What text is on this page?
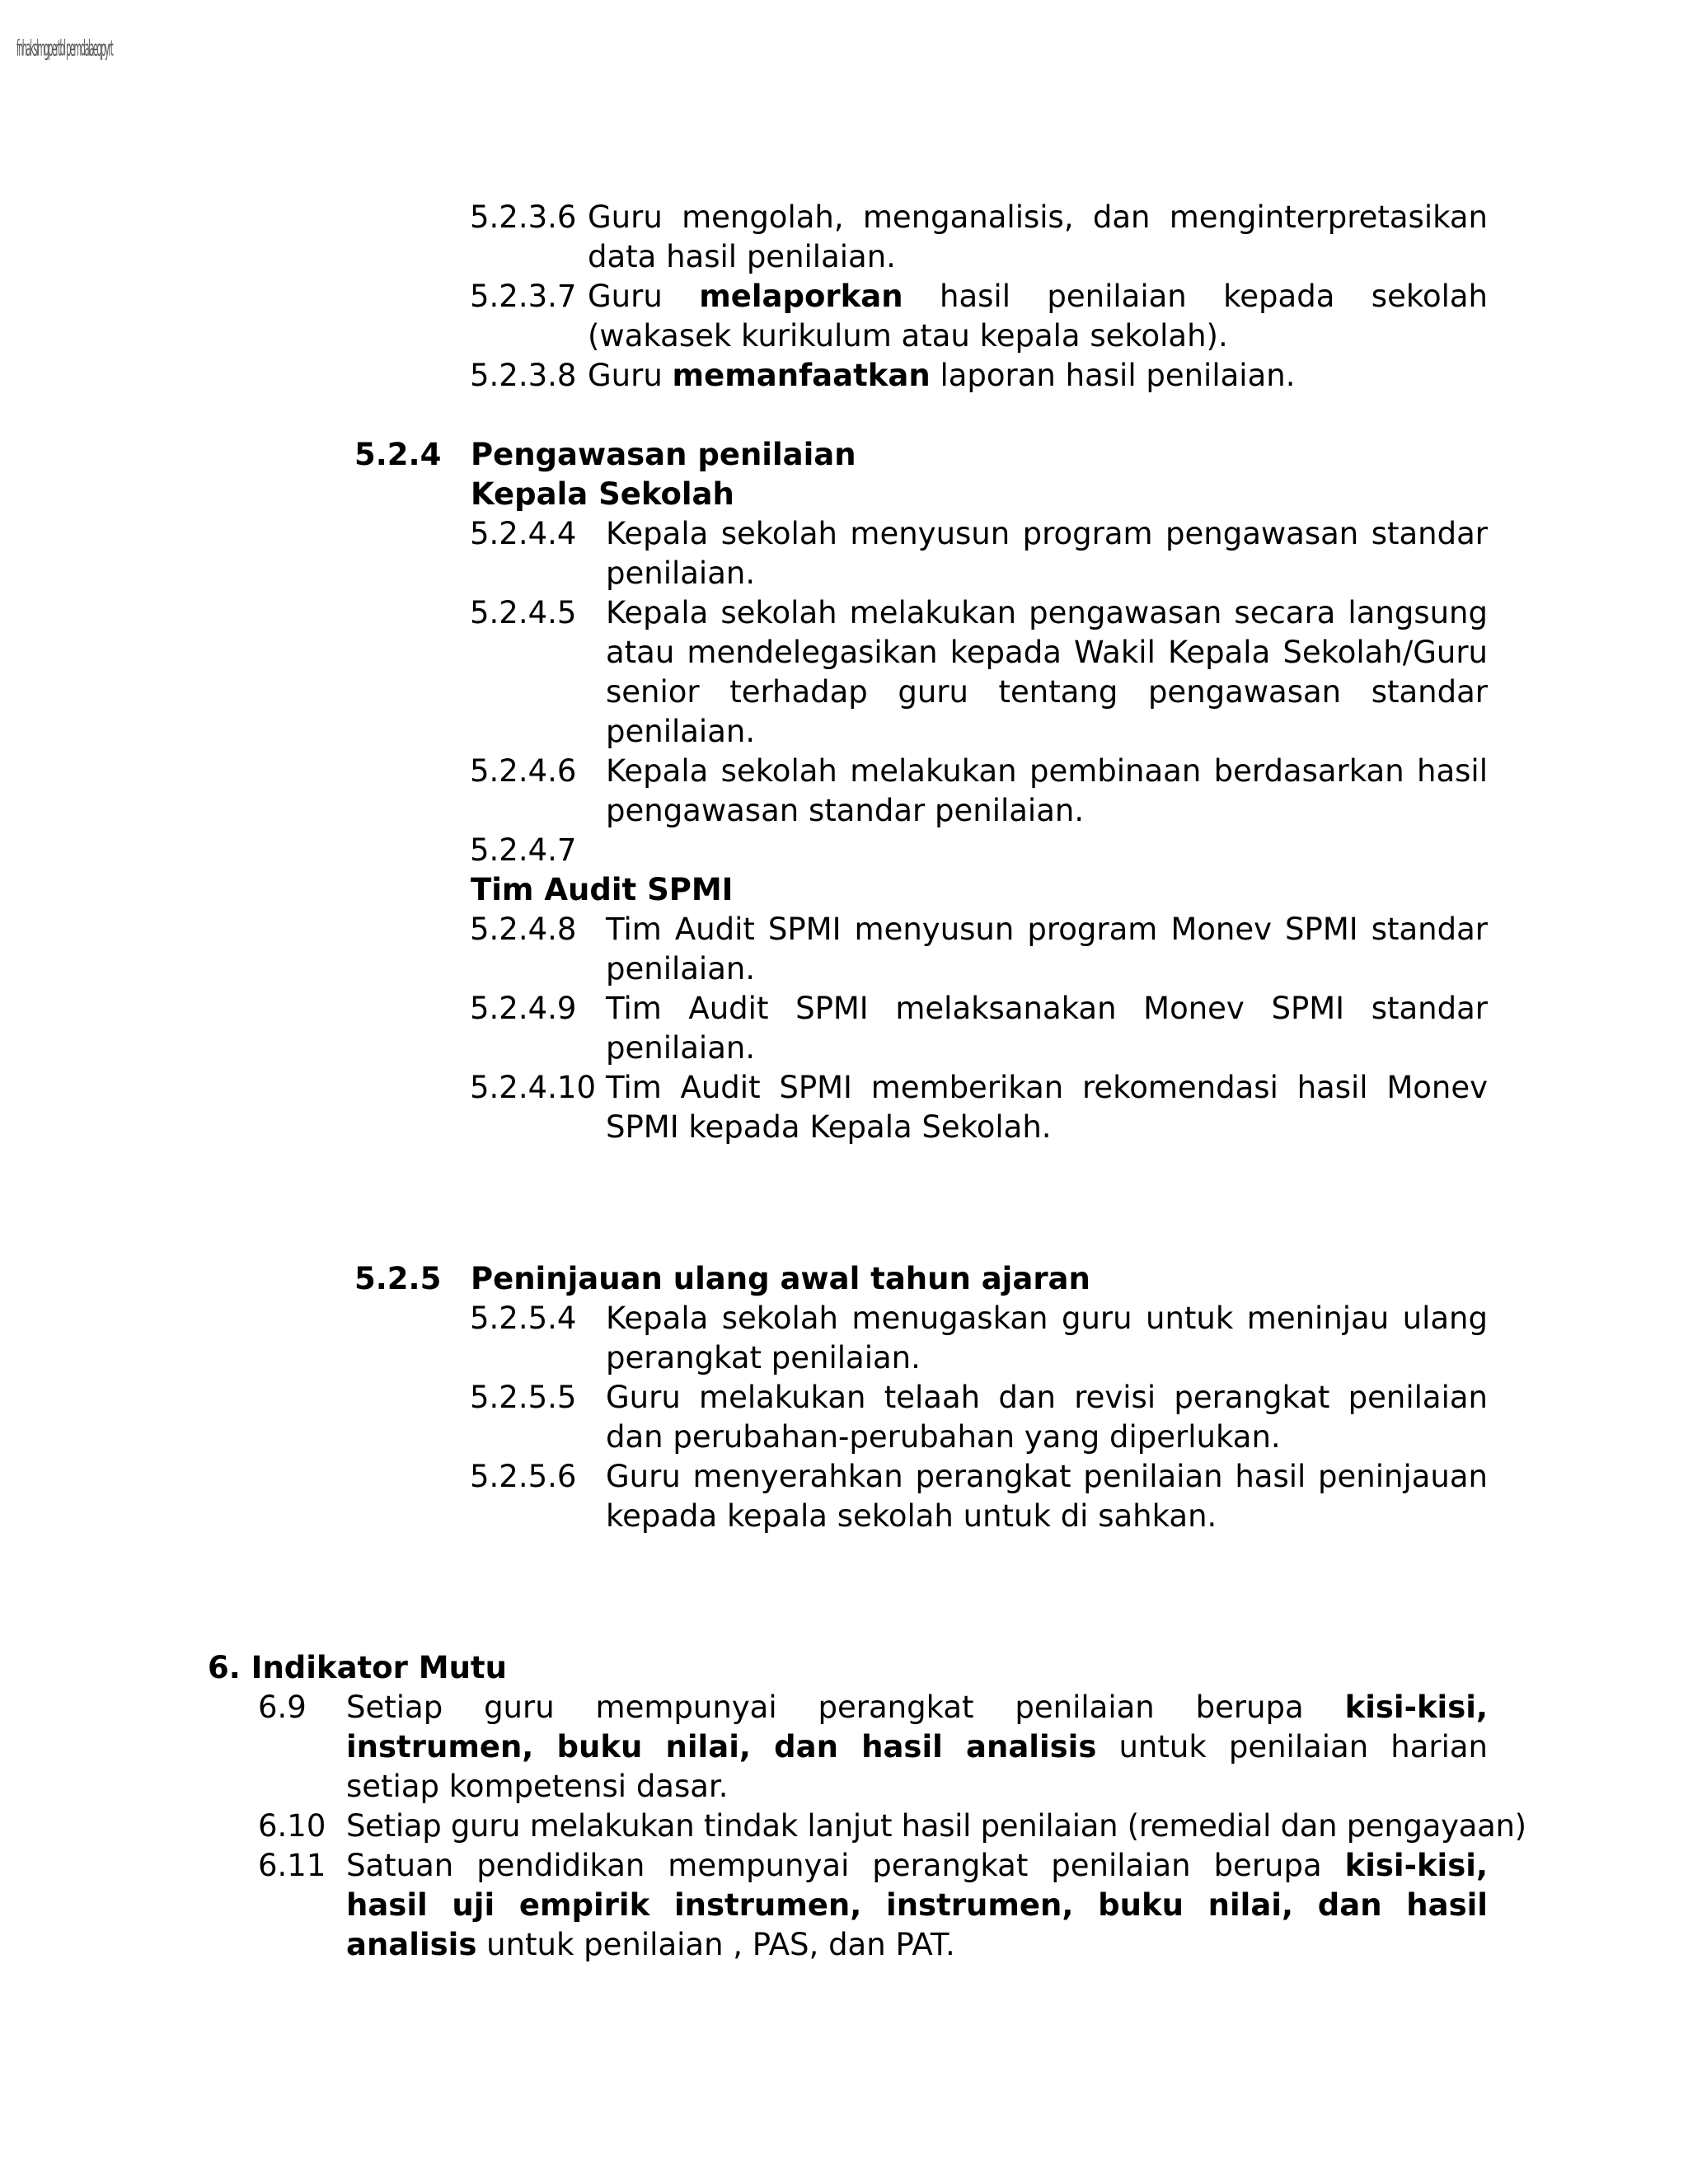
fnhakslmgpertbl pemdalaeqpyrt
5.2.3.6 Guru mengolah, menganalisis, dan menginterpretasikan data hasil penilaian.
5.2.3.7 Guru melaporkan hasil penilaian kepada sekolah (wakasek kurikulum atau kepala sekolah).
5.2.3.8 Guru memanfaatkan laporan hasil penilaian.
5.2.4 Pengawasan penilaian
Kepala Sekolah
5.2.4.4 Kepala sekolah menyusun program pengawasan standar penilaian.
5.2.4.5 Kepala sekolah melakukan pengawasan secara langsung atau mendelegasikan kepada Wakil Kepala Sekolah/Guru senior terhadap guru tentang pengawasan standar penilaian.
5.2.4.6 Kepala sekolah melakukan pembinaan berdasarkan hasil pengawasan standar penilaian.
5.2.4.7
Tim Audit SPMI
5.2.4.8 Tim Audit SPMI menyusun program Monev SPMI standar penilaian.
5.2.4.9 Tim Audit SPMI melaksanakan Monev SPMI standar penilaian.
5.2.4.10 Tim Audit SPMI memberikan rekomendasi hasil Monev SPMI kepada Kepala Sekolah.
5.2.5 Peninjauan ulang awal tahun ajaran
5.2.5.4 Kepala sekolah menugaskan guru untuk meninjau ulang perangkat penilaian.
5.2.5.5 Guru melakukan telaah dan revisi perangkat penilaian dan perubahan-perubahan yang diperlukan.
5.2.5.6 Guru menyerahkan perangkat penilaian hasil peninjauan kepada kepala sekolah untuk di sahkan.
6. Indikator Mutu
6.9	Setiap guru mempunyai perangkat penilaian berupa kisi-kisi, instrumen, buku nilai, dan hasil analisis untuk penilaian harian setiap kompetensi dasar.
6.10 Setiap guru melakukan tindak lanjut hasil penilaian (remedial dan pengayaan)
6.11 Satuan pendidikan mempunyai perangkat penilaian berupa kisi-kisi, hasil uji empirik instrumen, instrumen, buku nilai, dan hasil analisis untuk penilaian , PAS, dan PAT.
